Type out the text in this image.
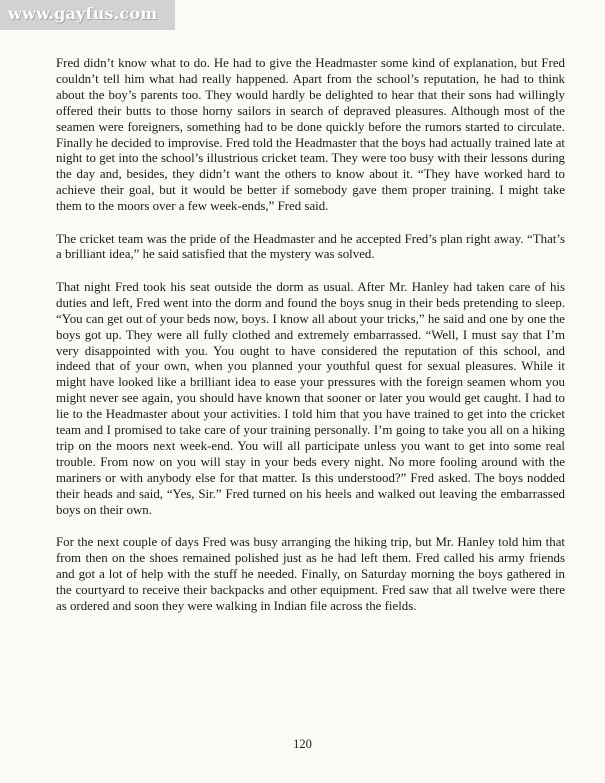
www.gayfus.com

Fred didn’t know what to do. He had to give the Headmaster some kind of explanation, but Fred couldn’t tell him what had really happened. Apart from the school’s reputation, he had to think about the boy’s parents too. They would hardly be delighted to hear that their sons had willingly offered their butts to those horny sailors in search of depraved pleasures. Although most of the seamen were foreigners, something had to be done quickly before the rumors started to circulate. Finally he decided to improvise. Fred told the Headmaster that the boys had actually trained late at night to get into the school’s illustrious cricket team. They were too busy with their lessons during the day and, besides, they didn’t want the others to know about it. “They have worked hard to achieve their goal, but it would be better if somebody gave them proper training. I might take them to the moors over a few week-ends,” Fred said.

The cricket team was the pride of the Headmaster and he accepted Fred’s plan right away. “That’s a brilliant idea,” he said satisfied that the mystery was solved.

That night Fred took his seat outside the dorm as usual. After Mr. Hanley had taken care of his duties and left, Fred went into the dorm and found the boys snug in their beds pretending to sleep. “You can get out of your beds now, boys. I know all about your tricks,” he said and one by one the boys got up. They were all fully clothed and extremely embarrassed. “Well, I must say that I’m very disappointed with you. You ought to have considered the reputation of this school, and indeed that of your own, when you planned your youthful quest for sexual pleasures. While it might have looked like a brilliant idea to ease your pressures with the foreign seamen whom you might never see again, you should have known that sooner or later you would get caught. I had to lie to the Headmaster about your activities. I told him that you have trained to get into the cricket team and I promised to take care of your training personally. I’m going to take you all on a hiking trip on the moors next week-end. You will all participate unless you want to get into some real trouble. From now on you will stay in your beds every night. No more fooling around with the mariners or with anybody else for that matter. Is this understood?” Fred asked. The boys nodded their heads and said, “Yes, Sir.” Fred turned on his heels and walked out leaving the embarrassed boys on their own.

For the next couple of days Fred was busy arranging the hiking trip, but Mr. Hanley told him that from then on the shoes remained polished just as he had left them. Fred called his army friends and got a lot of help with the stuff he needed. Finally, on Saturday morning the boys gathered in the courtyard to receive their backpacks and other equipment. Fred saw that all twelve were there as ordered and soon they were walking in Indian file across the fields.

120
